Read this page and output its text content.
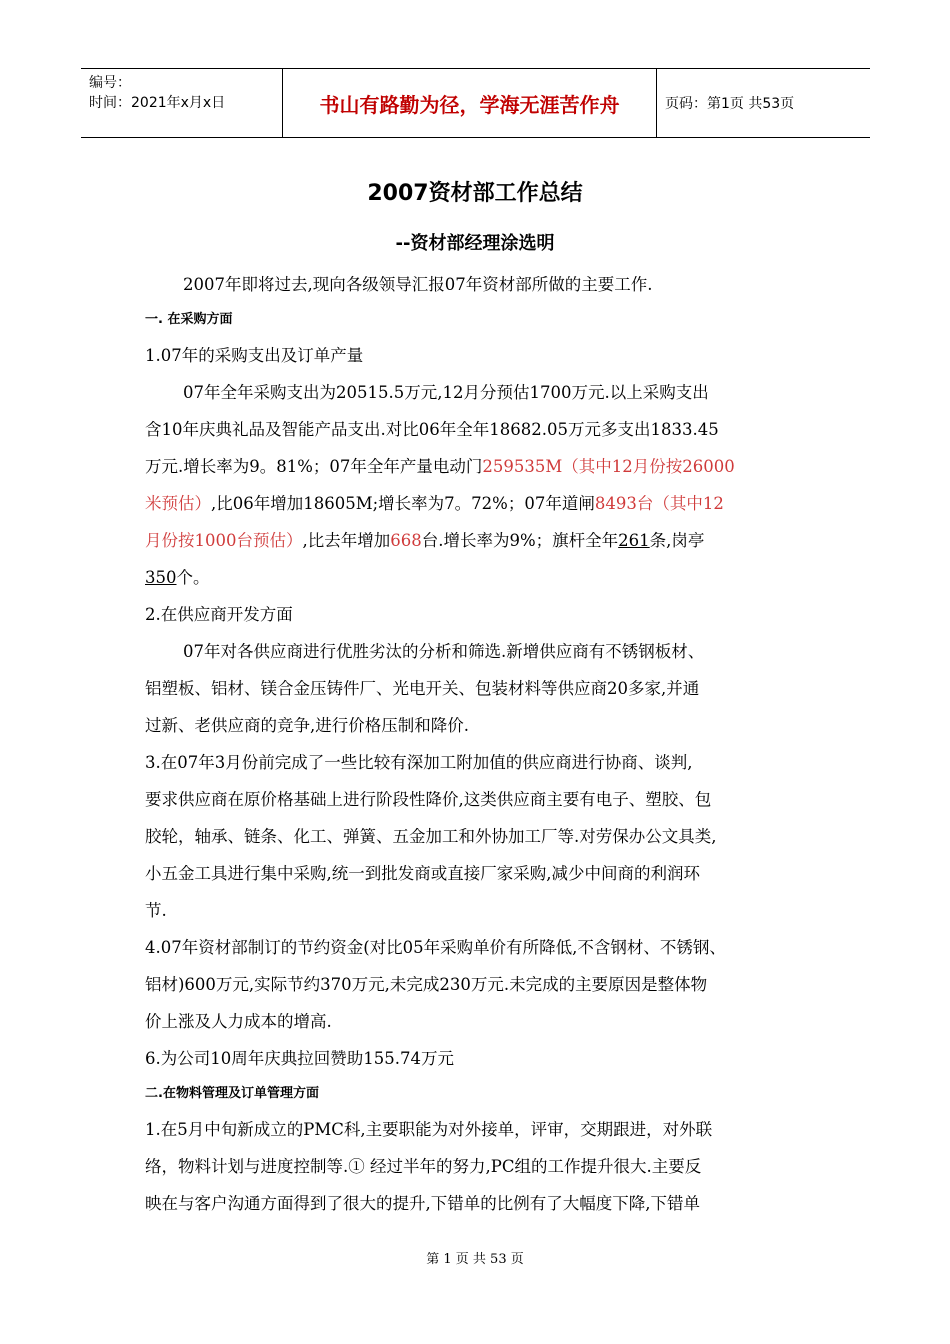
编号：
时间：2021年x月x日	书山有路勤为径，学海无涯苦作舟	页码：第1页 共53页
2007资材部工作总结
--资材部经理涂选明
2007年即将过去,现向各级领导汇报07年资材部所做的主要工作.
一. 在采购方面
1.07年的采购支出及订单产量
07年全年采购支出为20515.5万元,12月分预估1700万元.以上采购支出
含10年庆典礼品及智能产品支出.对比06年全年18682.05万元多支出1833.45
万元.增长率为9。81%；07年全年产量电动门259535M（其中12月份按26000
米预估）,比06年增加18605M;增长率为7。72%；07年道闸8493台（其中12
月份按1000台预估）,比去年增加668台.增长率为9%；旗杆全年261条,岗亭
350个。
2.在供应商开发方面
07年对各供应商进行优胜劣汰的分析和筛选.新增供应商有不锈钢板材、
铝塑板、铝材、镁合金压铸件厂、光电开关、包装材料等供应商20多家,并通
过新、老供应商的竞争,进行价格压制和降价.
3.在07年3月份前完成了一些比较有深加工附加值的供应商进行协商、谈判,
要求供应商在原价格基础上进行阶段性降价,这类供应商主要有电子、塑胶、包
胶轮，轴承、链条、化工、弹簧、五金加工和外协加工厂等.对劳保办公文具类,
小五金工具进行集中采购,统一到批发商或直接厂家采购,减少中间商的利润环
节.
4.07年资材部制订的节约资金(对比05年采购单价有所降低,不含钢材、不锈钢、
铝材)600万元,实际节约370万元,未完成230万元.未完成的主要原因是整体物
价上涨及人力成本的增高.
6.为公司10周年庆典拉回赞助155.74万元
二.在物料管理及订单管理方面
1.在5月中旬新成立的PMC科,主要职能为对外接单，评审，交期跟进，对外联
络，物料计划与进度控制等.① 经过半年的努力,PC组的工作提升很大.主要反
映在与客户沟通方面得到了很大的提升,下错单的比例有了大幅度下降,下错单
第 1 页 共 53 页
